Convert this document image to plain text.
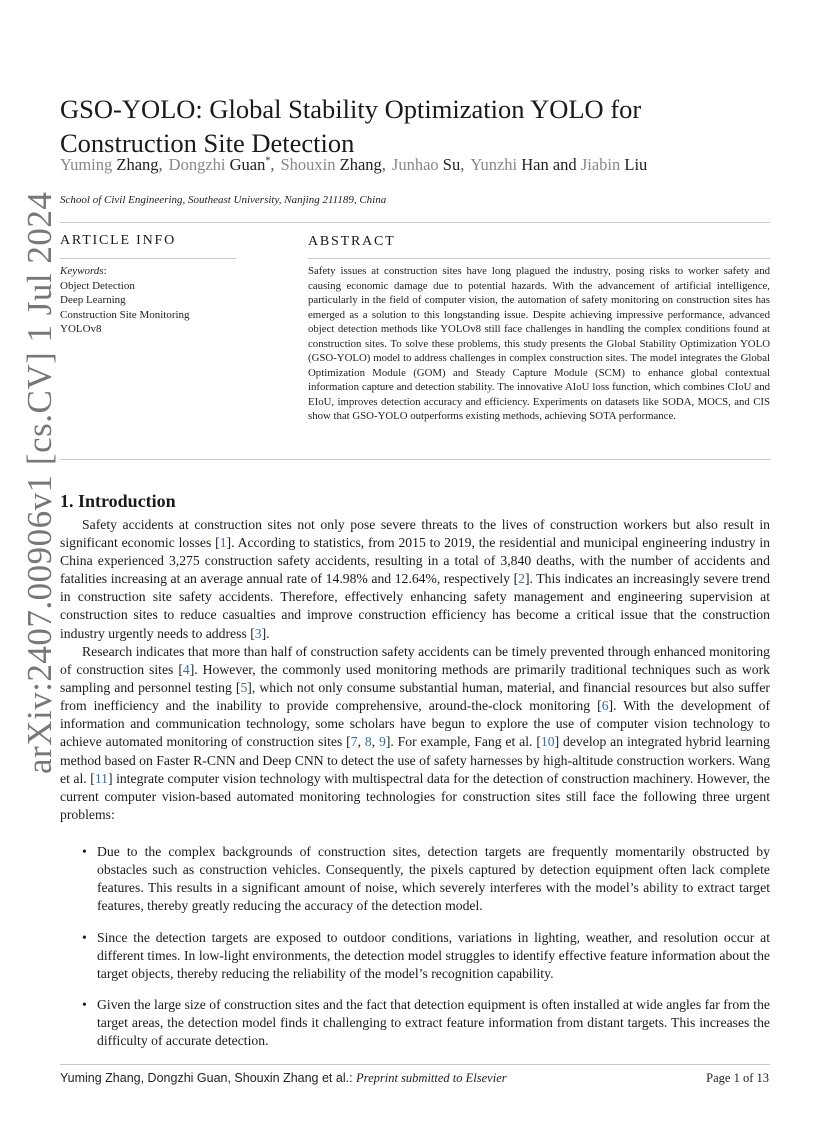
arXiv:2407.00906v1 [cs.CV] 1 Jul 2024
GSO-YOLO: Global Stability Optimization YOLO for Construction Site Detection
Yuming Zhang, Dongzhi Guan*, Shouxin Zhang, Junhao Su, Yunzhi Han and Jiabin Liu
School of Civil Engineering, Southeast University, Nanjing 211189, China
ARTICLE INFO	ABSTRACT
Keywords:
Object Detection
Deep Learning
Construction Site Monitoring
YOLOv8
Safety issues at construction sites have long plagued the industry, posing risks to worker safety and causing economic damage due to potential hazards. With the advancement of artificial intelligence, particularly in the field of computer vision, the automation of safety monitoring on construction sites has emerged as a solution to this longstanding issue. Despite achieving impressive performance, advanced object detection methods like YOLOv8 still face challenges in handling the complex conditions found at construction sites. To solve these problems, this study presents the Global Stability Optimization YOLO (GSO-YOLO) model to address challenges in complex construction sites. The model integrates the Global Optimization Module (GOM) and Steady Capture Module (SCM) to enhance global contextual information capture and detection stability. The innovative AIoU loss function, which combines CIoU and EIoU, improves detection accuracy and efficiency. Experiments on datasets like SODA, MOCS, and CIS show that GSO-YOLO outperforms existing methods, achieving SOTA performance.
1. Introduction

Safety accidents at construction sites not only pose severe threats to the lives of construction workers but also result in significant economic losses [1]. According to statistics, from 2015 to 2019, the residential and municipal engineering industry in China experienced 3,275 construction safety accidents, resulting in a total of 3,840 deaths, with the number of accidents and fatalities increasing at an average annual rate of 14.98% and 12.64%, respectively [2]. This indicates an increasingly severe trend in construction site safety accidents. Therefore, effectively enhancing safety management and engineering supervision at construction sites to reduce casualties and improve construction efficiency has become a critical issue that the construction industry urgently needs to address [3].

Research indicates that more than half of construction safety accidents can be timely prevented through enhanced monitoring of construction sites [4]. However, the commonly used monitoring methods are primarily traditional techniques such as work sampling and personnel testing [5], which not only consume substantial human, material, and financial resources but also suffer from inefficiency and the inability to provide comprehensive, around-the-clock monitoring [6]. With the development of information and communication technology, some scholars have begun to explore the use of computer vision technology to achieve automated monitoring of construction sites [7, 8, 9]. For example, Fang et al. [10] develop an integrated hybrid learning method based on Faster R-CNN and Deep CNN to detect the use of safety harnesses by high-altitude construction workers. Wang et al. [11] integrate computer vision technology with multispectral data for the detection of construction machinery. However, the current computer vision-based automated monitoring technologies for construction sites still face the following three urgent problems:

• Due to the complex backgrounds of construction sites, detection targets are frequently momentarily obstructed by obstacles such as construction vehicles. Consequently, the pixels captured by detection equipment often lack complete features. This results in a significant amount of noise, which severely interferes with the model’s ability to extract target features, thereby greatly reducing the accuracy of the detection model.
• Since the detection targets are exposed to outdoor conditions, variations in lighting, weather, and resolution occur at different times. In low-light environments, the detection model struggles to identify effective feature information about the target objects, thereby reducing the reliability of the model’s recognition capability.
• Given the large size of construction sites and the fact that detection equipment is often installed at wide angles far from the target areas, the detection model finds it challenging to extract feature information from distant targets. This increases the difficulty of accurate detection.
Yuming Zhang, Dongzhi Guan, Shouxin Zhang et al.: Preprint submitted to Elsevier	Page 1 of 13
